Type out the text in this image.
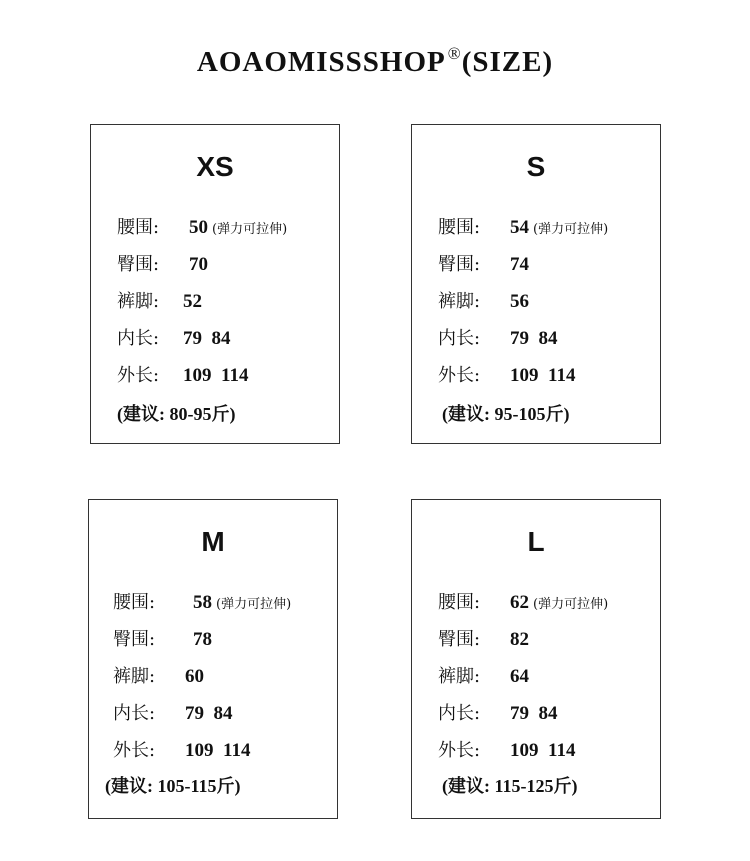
AOAOMISSSHOP ®(SIZE)
XS
腰围: 50 (弹力可拉伸)
臀围: 70
裤脚: 52
内长: 79  84
外长: 109  114
(建议: 80-95斤)
S
腰围: 54 (弹力可拉伸)
臀围: 74
裤脚: 56
内长: 79  84
外长: 109  114
(建议: 95-105斤)
M
腰围: 58 (弹力可拉伸)
臀围: 78
裤脚: 60
内长: 79  84
外长: 109  114
(建议: 105-115斤)
L
腰围: 62 (弹力可拉伸)
臀围: 82
裤脚: 64
内长: 79  84
外长: 109  114
(建议: 115-125斤)
